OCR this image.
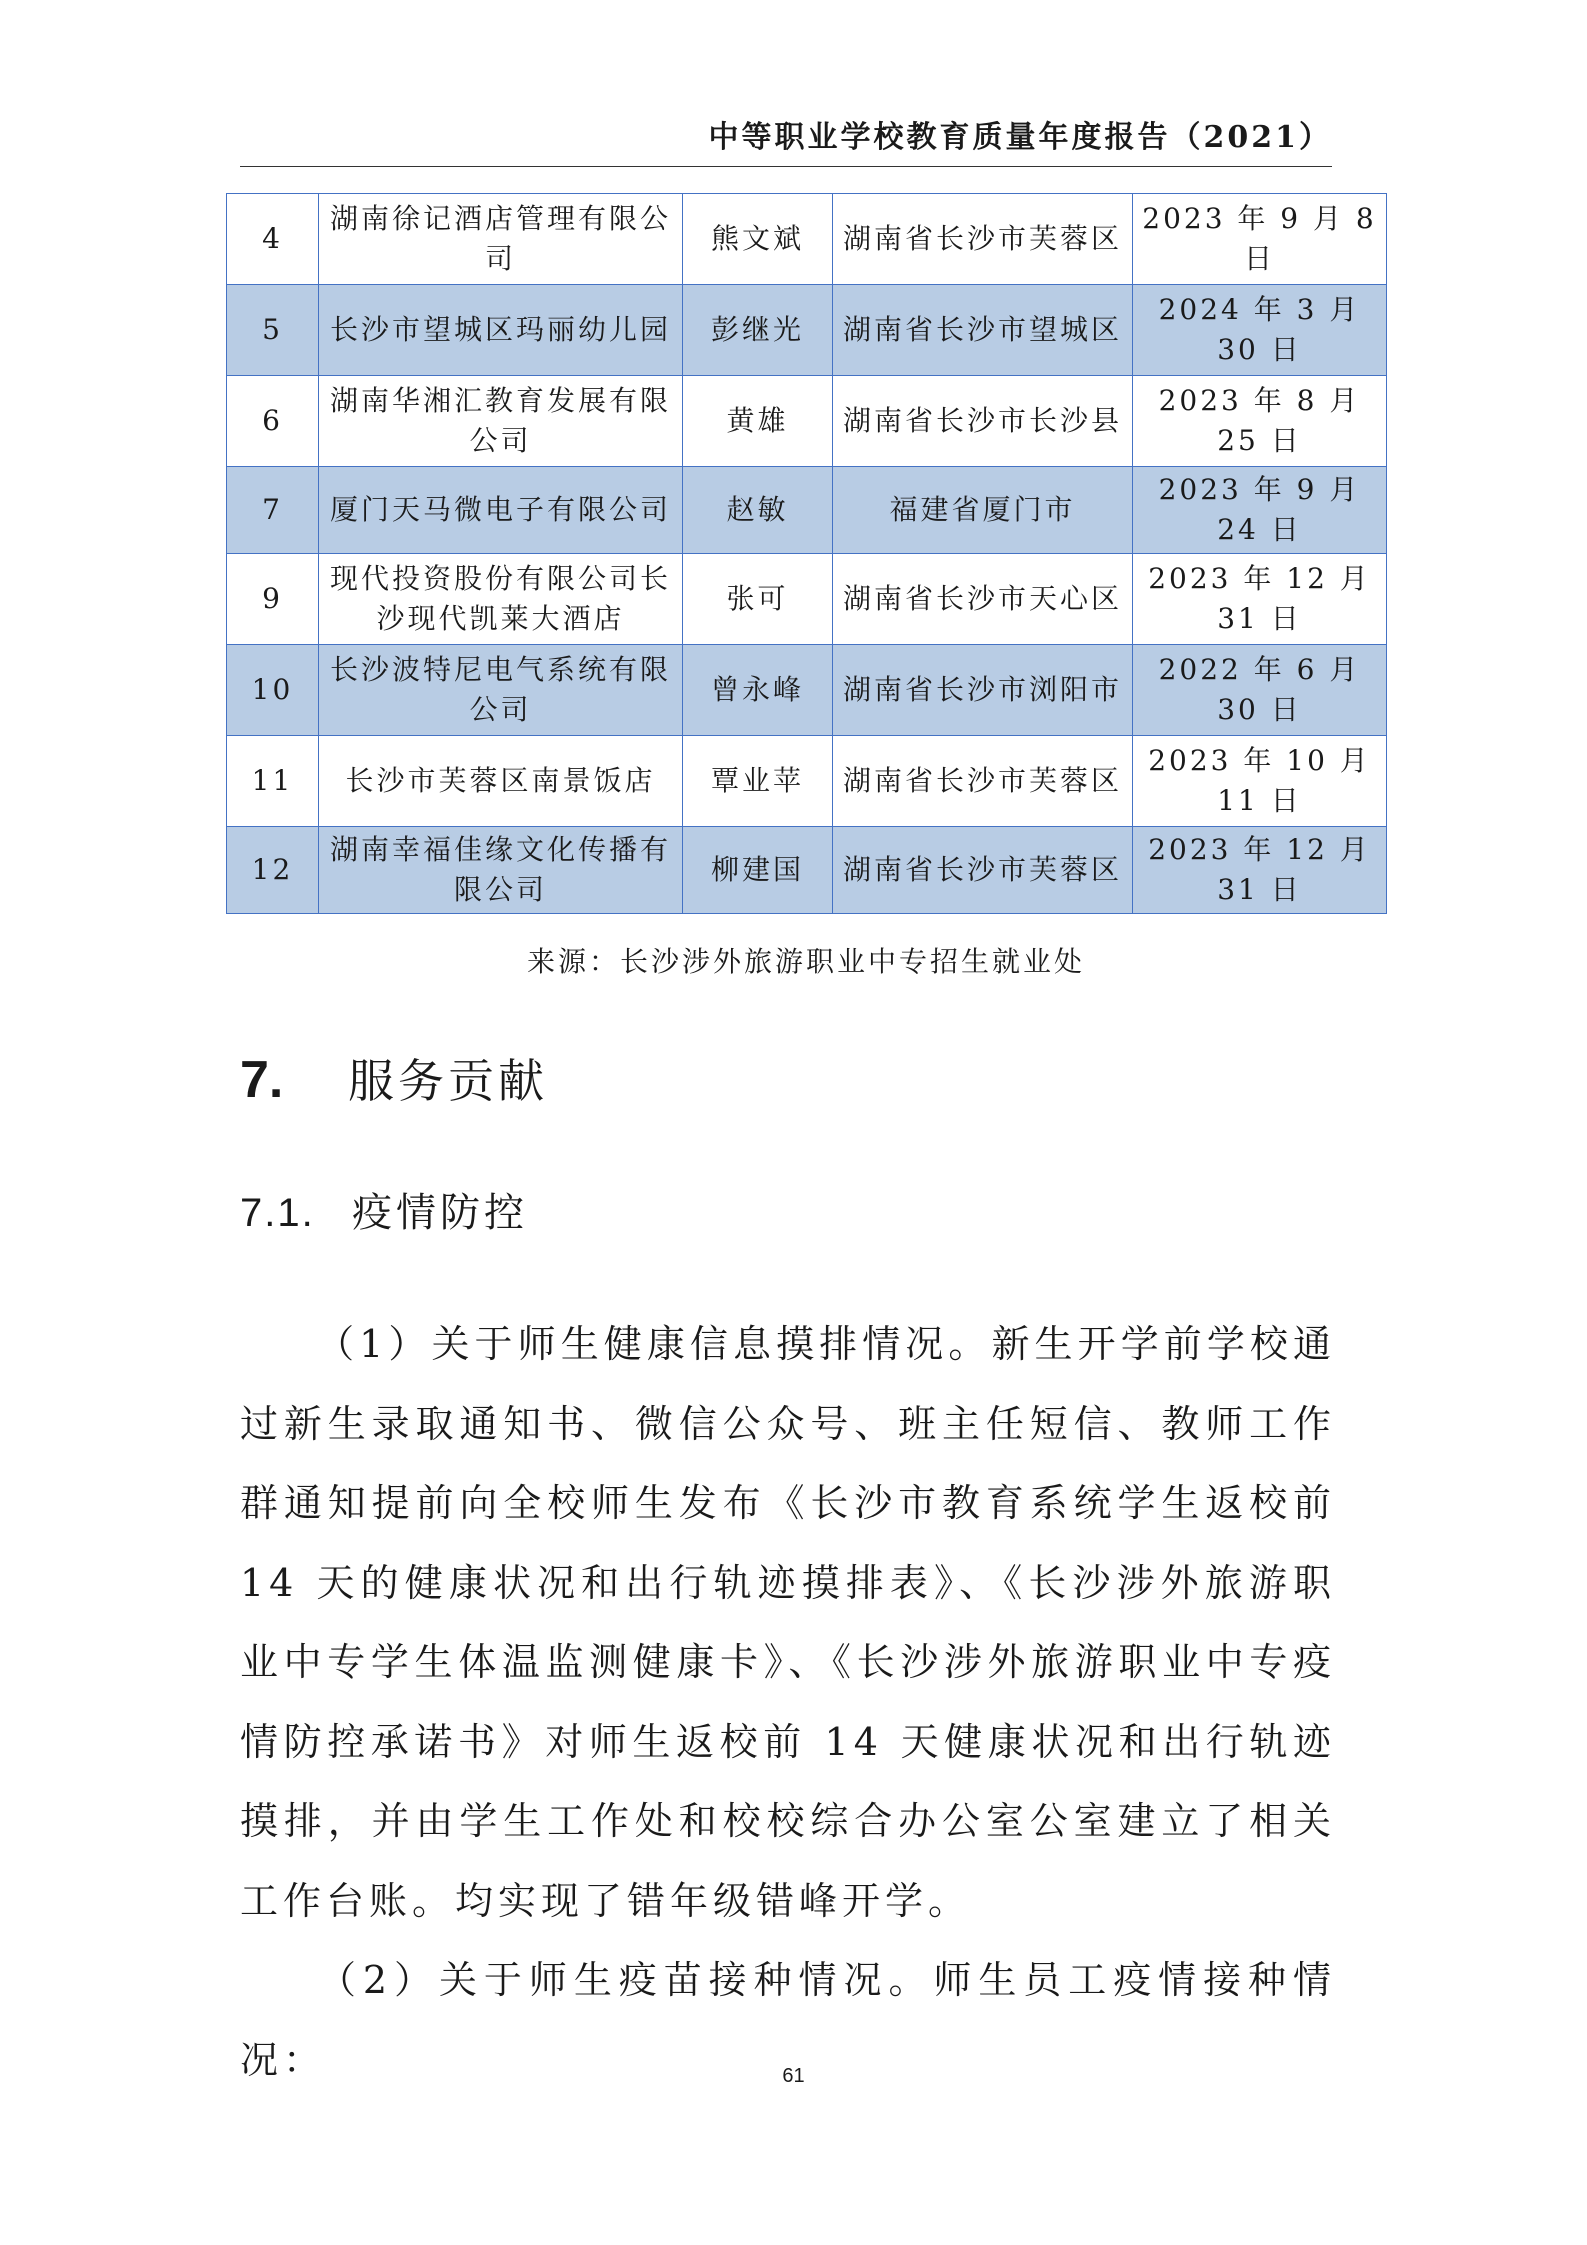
中等职业学校教育质量年度报告（2021）
4	湖南徐记酒店管理有限公司	熊文斌	湖南省长沙市芙蓉区	2023 年 9 月 8 日
5	长沙市望城区玛丽幼儿园	彭继光	湖南省长沙市望城区	2024 年 3 月 30 日
6	湖南华湘汇教育发展有限公司	黄雄	湖南省长沙市长沙县	2023 年 8 月 25 日
7	厦门天马微电子有限公司	赵敏	福建省厦门市	2023 年 9 月 24 日
9	现代投资股份有限公司长沙现代凯莱大酒店	张可	湖南省长沙市天心区	2023 年 12 月 31 日
10	长沙波特尼电气系统有限公司	曾永峰	湖南省长沙市浏阳市	2022 年 6 月 30 日
11	长沙市芙蓉区南景饭店	覃业苹	湖南省长沙市芙蓉区	2023 年 10 月 11 日
12	湖南幸福佳缘文化传播有限公司	柳建国	湖南省长沙市芙蓉区	2023 年 12 月 31 日
来源：长沙涉外旅游职业中专招生就业处
7. 服务贡献
7.1. 疫情防控

（1）关于师生健康信息摸排情况。新生开学前学校通过新生录取通知书、微信公众号、班主任短信、教师工作群通知提前向全校师生发布《长沙市教育系统学生返校前 14 天的健康状况和出行轨迹摸排表》、《长沙涉外旅游职业中专学生体温监测健康卡》、《长沙涉外旅游职业中专疫情防控承诺书》对师生返校前 14 天健康状况和出行轨迹摸排，并由学生工作处和校校综合办公室公室建立了相关工作台账。均实现了错年级错峰开学。

（2）关于师生疫苗接种情况。师生员工疫情接种情况：	61
